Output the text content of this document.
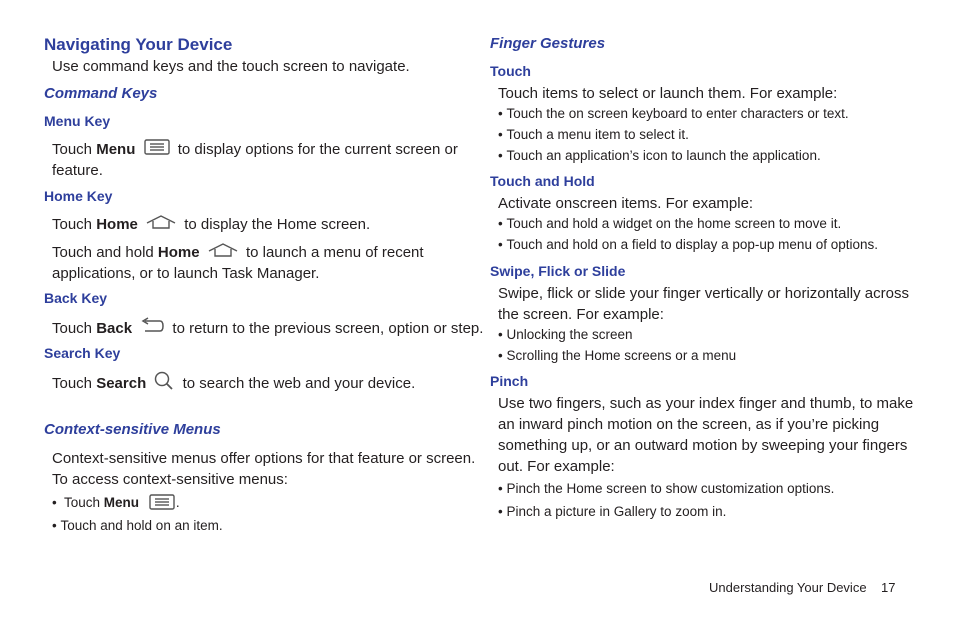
Navigating Your Device
Use command keys and the touch screen to navigate.
Command Keys
Menu Key
Touch Menu	to display options for the current screen or
feature.
Home Key
Touch Home	to display the Home screen.
Touch and hold Home	to launch a menu of recent
applications, or to launch Task Manager.
Back Key
Touch Back	to return to the previous screen, option or step.
Search Key
Touch Search to search the web and your device.
Context-sensitive Menus
Context-sensitive menus offer options for that feature or screen.
To access context-sensitive menus:
• Touch Menu	.
• Touch and hold on an item.
Finger Gestures
Touch
Touch items to select or launch them. For example:
• Touch the on screen keyboard to enter characters or text.
• Touch a menu item to select it.
• Touch an application’s icon to launch the application.
Touch and Hold
Activate onscreen items. For example:
• Touch and hold a widget on the home screen to move it.
• Touch and hold on a field to display a pop-up menu of options.
Swipe, Flick or Slide
Swipe, flick or slide your finger vertically or horizontally across
the screen. For example:
• Unlocking the screen
• Scrolling the Home screens or a menu
Pinch
Use two fingers, such as your index finger and thumb, to make
an inward pinch motion on the screen, as if you’re picking
something up, or an outward motion by sweeping your fingers
out. For example:
• Pinch the Home screen to show customization options.
• Pinch a picture in Gallery to zoom in.
Understanding Your Device 17
